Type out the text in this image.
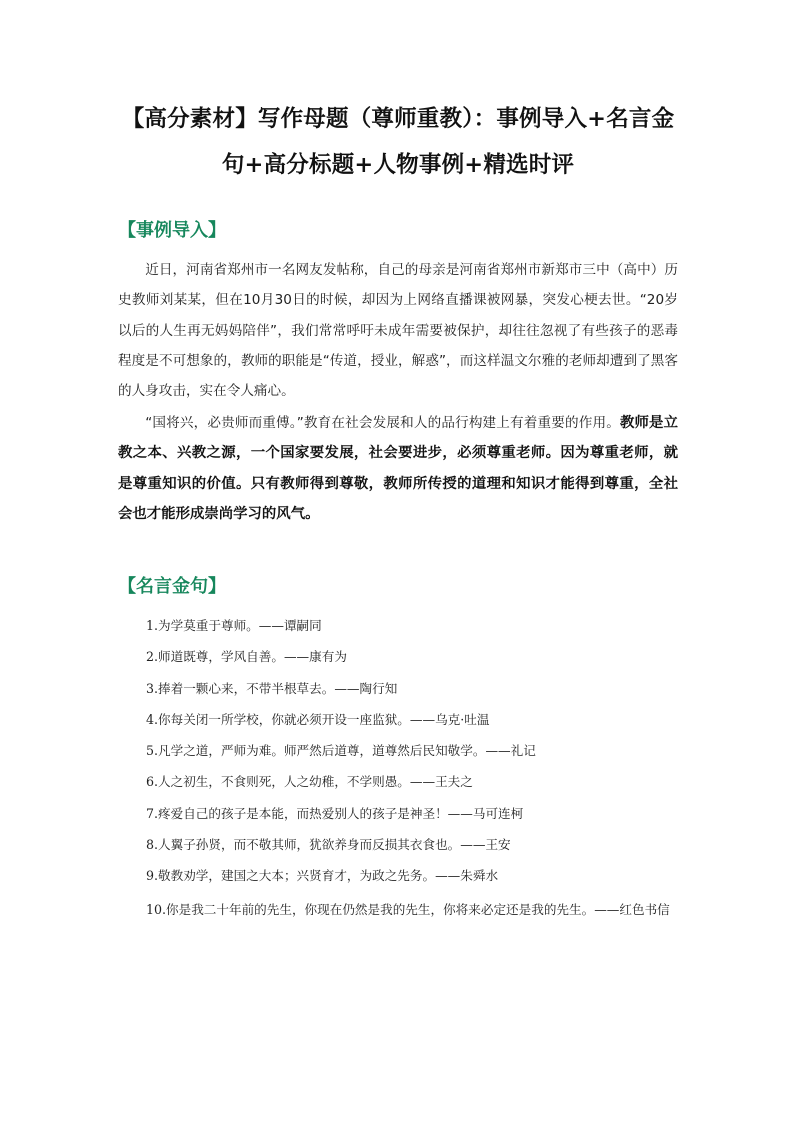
【高分素材】写作母题（尊师重教）：事例导入+名言金句+高分标题+人物事例+精选时评
【事例导入】

近日，河南省郑州市一名网友发帖称，自己的母亲是河南省郑州市新郑市三中（高中）历史教师刘某某，但在10月30日的时候，却因为上网络直播课被网暴，突发心梗去世。“20岁以后的人生再无妈妈陪伴”，我们常常呼吁未成年需要被保护，却往往忽视了有些孩子的恶毒程度是不可想象的，教师的职能是“传道，授业，解惑”，而这样温文尔雅的老师却遭到了黑客的人身攻击，实在令人痛心。

“国将兴，必贵师而重傅。”教育在社会发展和人的品行构建上有着重要的作用。教师是立教之本、兴教之源，一个国家要发展，社会要进步，必须尊重老师。因为尊重老师，就是尊重知识的价值。只有教师得到尊敬，教师所传授的道理和知识才能得到尊重，全社会也才能形成崇尚学习的风气。

【名言金句】
1.为学莫重于尊师。——谭嗣同
2.师道既尊，学风自善。——康有为
3.捧着一颗心来，不带半根草去。——陶行知
4.你每关闭一所学校，你就必须开设一座监狱。——乌克·吐温
5.凡学之道，严师为难。师严然后道尊，道尊然后民知敬学。——礼记
6.人之初生，不食则死，人之幼稚，不学则愚。——王夫之
7.疼爱自己的孩子是本能，而热爱别人的孩子是神圣！——马可连柯
8.人翼子孙贤，而不敬其师，犹欲养身而反损其衣食也。——王安
9.敬教劝学，建国之大本；兴贤育才，为政之先务。——朱舜水
10.你是我二十年前的先生，你现在仍然是我的先生，你将来必定还是我的先生。——红色书信
